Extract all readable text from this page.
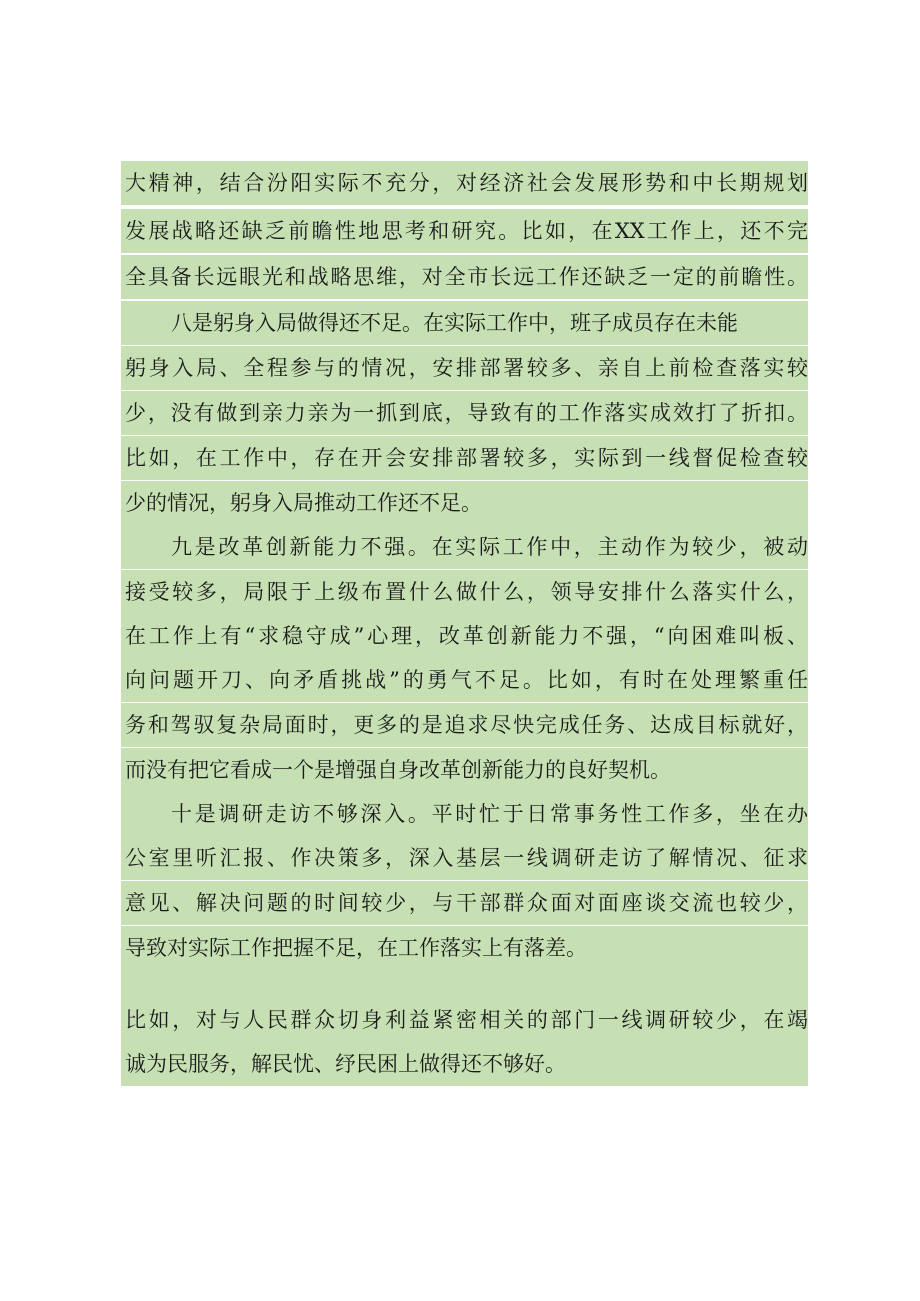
大精神，结合汾阳实际不充分，对经济社会发展形势和中长期规划
发展战略还缺乏前瞻性地思考和研究。比如，在XX工作上，还不完
全具备长远眼光和战略思维，对全市长远工作还缺乏一定的前瞻性。
八是躬身入局做得还不足。在实际工作中，班子成员存在未能
躬身入局、全程参与的情况，安排部署较多、亲自上前检查落实较
少，没有做到亲力亲为一抓到底，导致有的工作落实成效打了折扣。
比如，在工作中，存在开会安排部署较多，实际到一线督促检查较
少的情况，躬身入局推动工作还不足。
九是改革创新能力不强。在实际工作中，主动作为较少，被动
接受较多，局限于上级布置什么做什么，领导安排什么落实什么，
在工作上有“求稳守成”心理，改革创新能力不强，“向困难叫板、
向问题开刀、向矛盾挑战”的勇气不足。比如，有时在处理繁重任
务和驾驭复杂局面时，更多的是追求尽快完成任务、达成目标就好，
而没有把它看成一个是增强自身改革创新能力的良好契机。
十是调研走访不够深入。平时忙于日常事务性工作多，坐在办
公室里听汇报、作决策多，深入基层一线调研走访了解情况、征求
意见、解决问题的时间较少，与干部群众面对面座谈交流也较少，
导致对实际工作把握不足，在工作落实上有落差。
比如，对与人民群众切身利益紧密相关的部门一线调研较少，在竭
诚为民服务，解民忧、纾民困上做得还不够好。
